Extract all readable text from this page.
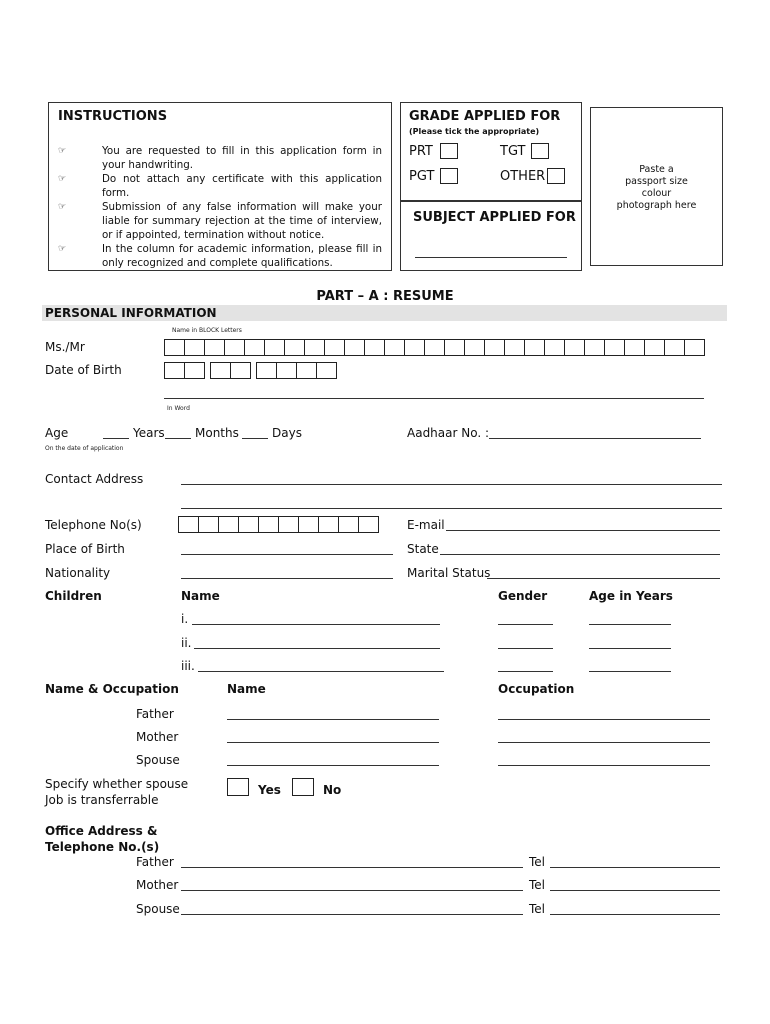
INSTRUCTIONS
☞	You are requested to fill in this application form in your handwriting.
☞	Do not attach any certificate with this application form.
☞	Submission of any false information will make your liable for summary rejection at the time of interview, or if appointed, termination without notice.
☞	In the column for academic information, please fill in only recognized and complete qualifications.
GRADE APPLIED FOR
(Please tick the appropriate)
PRT	TGT
PGT	OTHER
SUBJECT APPLIED FOR
Paste a
passport size
colour
photograph here
PART – A : RESUME
PERSONAL INFORMATION
Name in BLOCK Letters
Ms./Mr
Date of Birth
In Word
Age	Years	Months	Days
On the date of application
Aadhaar No. :
Contact Address
Telephone No(s)	E-mail
Place of Birth	State
Nationality	Marital Status
Children	Name	Gender	Age in Years
i.
ii.
iii.
Name & Occupation	Name	Occupation
Father
Mother
Spouse
Specify whether spouse
Job is transferrable
Yes	No
Office Address &
Telephone No.(s)
Father	Tel
Mother	Tel
Spouse	Tel
